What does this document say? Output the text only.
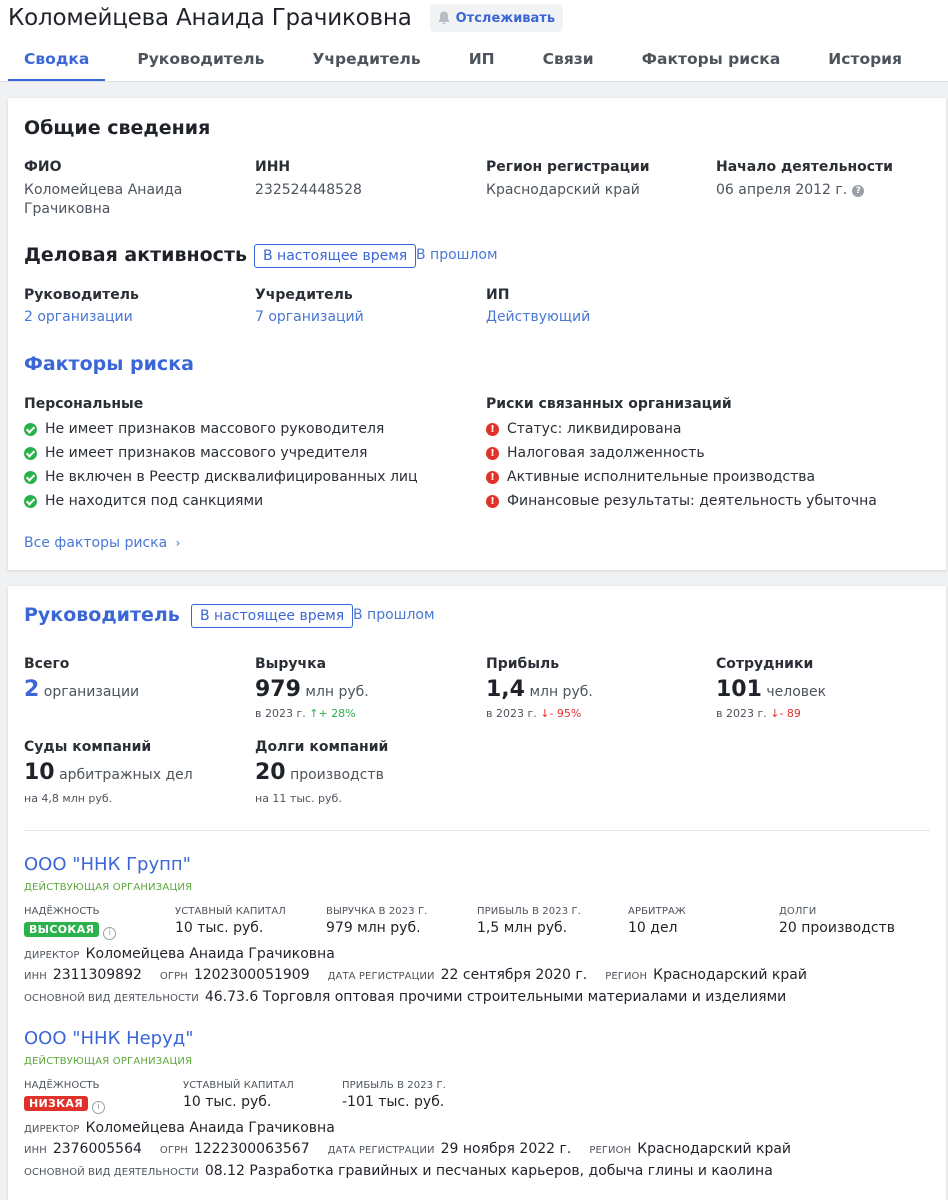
Коломейцева Анаида Грачиковна	Отслеживать
Сводка	Руководитель	Учредитель	ИП	Связи	Факторы риска	История
Общие сведения
ФИО
Коломейцева Анаида
Грачиковна
ИНН
232524448528
Регион регистрации
Краснодарский край
Начало деятельности
06 апреля 2012 г. ?
Деловая активность	В настоящее время В прошлом
Руководитель
2 организации
Учредитель
7 организаций
ИП
Действующий
Факторы риска
Персональные
Не имеет признаков массового руководителя
Не имеет признаков массового учредителя
Не включен в Реестр дисквалифицированных лиц
Не находится под санкциями
Риски связанных организаций
! Статус: ликвидирована
! Налоговая задолженность
! Активные исполнительные производства
! Финансовые результаты: деятельность убыточна
Все факторы риска ›
Руководитель	В настоящее время В прошлом
Всего
2 организации
Выручка
979 млн руб.
в 2023 г. ↑+ 28%
Прибыль
1,4 млн руб.
в 2023 г. ↓- 95%
Сотрудники
101 человек
в 2023 г. ↓- 89
Суды компаний
10 арбитражных дел
на 4,8 млн руб.
Долги компаний
20 производств
на 11 тыс. руб.
ООО "ННК Групп"
ДЕЙСТВУЮЩАЯ ОРГАНИЗАЦИЯ
НАДЁЖНОСТЬ
ВЫСОКАЯ i
УСТАВНЫЙ КАПИТАЛ
10 тыс. руб.
ВЫРУЧКА В 2023 Г.
979 млн руб.
ПРИБЫЛЬ В 2023 Г.
1,5 млн руб.
АРБИТРАЖ
10 дел
ДОЛГИ
20 производств
ДИРЕКТОР Коломейцева Анаида Грачиковна
ИНН 2311309892 ОГРН 1202300051909 ДАТА РЕГИСТРАЦИИ 22 сентября 2020 г. РЕГИОН Краснодарский край
ОСНОВНОЙ ВИД ДЕЯТЕЛЬНОСТИ 46.73.6 Торговля оптовая прочими строительными материалами и изделиями
ООО "ННК Неруд"
ДЕЙСТВУЮЩАЯ ОРГАНИЗАЦИЯ
НАДЁЖНОСТЬ
НИЗКАЯ i
УСТАВНЫЙ КАПИТАЛ
10 тыс. руб.
ПРИБЫЛЬ В 2023 Г.
-101 тыс. руб.
ДИРЕКТОР Коломейцева Анаида Грачиковна
ИНН 2376005564 ОГРН 1222300063567 ДАТА РЕГИСТРАЦИИ 29 ноября 2022 г. РЕГИОН Краснодарский край
ОСНОВНОЙ ВИД ДЕЯТЕЛЬНОСТИ 08.12 Разработка гравийных и песчаных карьеров, добыча глины и каолина
